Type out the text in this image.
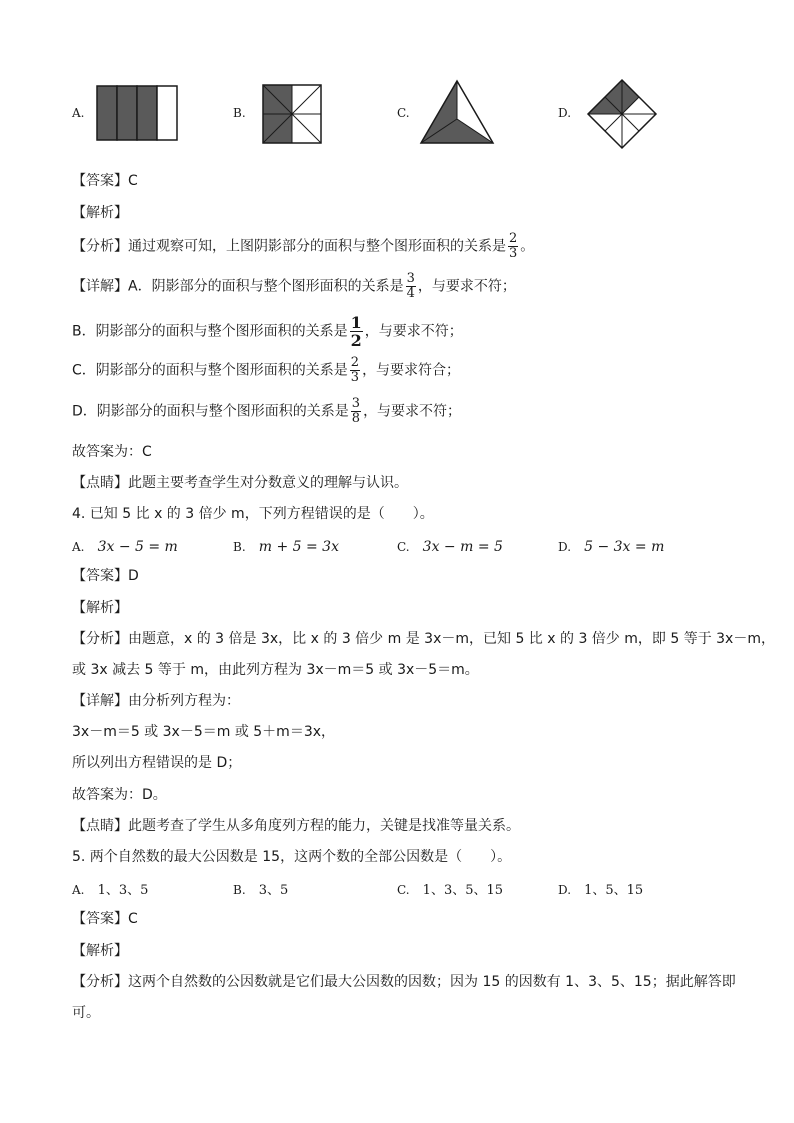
A.	B.	C.	D.
【答案】C
【解析】
【分析】通过观察可知，上图阴影部分的面积与整个图形面积的关系是 $\frac{2}{3}$ 。
【详解】A．阴影部分的面积与整个图形面积的关系是 $\frac{3}{4}$ ，与要求不符；
B．阴影部分的面积与整个图形面积的关系是 $\frac{1}{2}$ ，与要求不符；
C．阴影部分的面积与整个图形面积的关系是 $\frac{2}{3}$ ，与要求符合；
D．阴影部分的面积与整个图形面积的关系是 $\frac{3}{8}$ ，与要求不符；
故答案为：C
【点睛】此题主要考查学生对分数意义的理解与认识。
4. 已知 5 比 x 的 3 倍少 m，下列方程错误的是（　　）。
A. 3x − 5 = m	B. m + 5 = 3x	C. 3x − m = 5	D. 5 − 3x = m
【答案】D
【解析】
【分析】由题意，x 的 3 倍是 3x，比 x 的 3 倍少 m 是 3x－m，已知 5 比 x 的 3 倍少 m，即 5 等于 3x－m，
或 3x 减去 5 等于 m，由此列方程为 3x－m＝5 或 3x－5＝m。
【详解】由分析列方程为：
3x－m＝5 或 3x－5＝m 或 5＋m＝3x，
所以列出方程错误的是 D；
故答案为：D。
【点睛】此题考查了学生从多角度列方程的能力，关键是找准等量关系。
5. 两个自然数的最大公因数是 15，这两个数的全部公因数是（　　）。
A. 1、3、5	B. 3、5	C. 1、3、5、15	D. 1、5、15
【答案】C
【解析】
【分析】这两个自然数的公因数就是它们最大公因数的因数；因为 15 的因数有 1、3、5、15；据此解答即
可。
